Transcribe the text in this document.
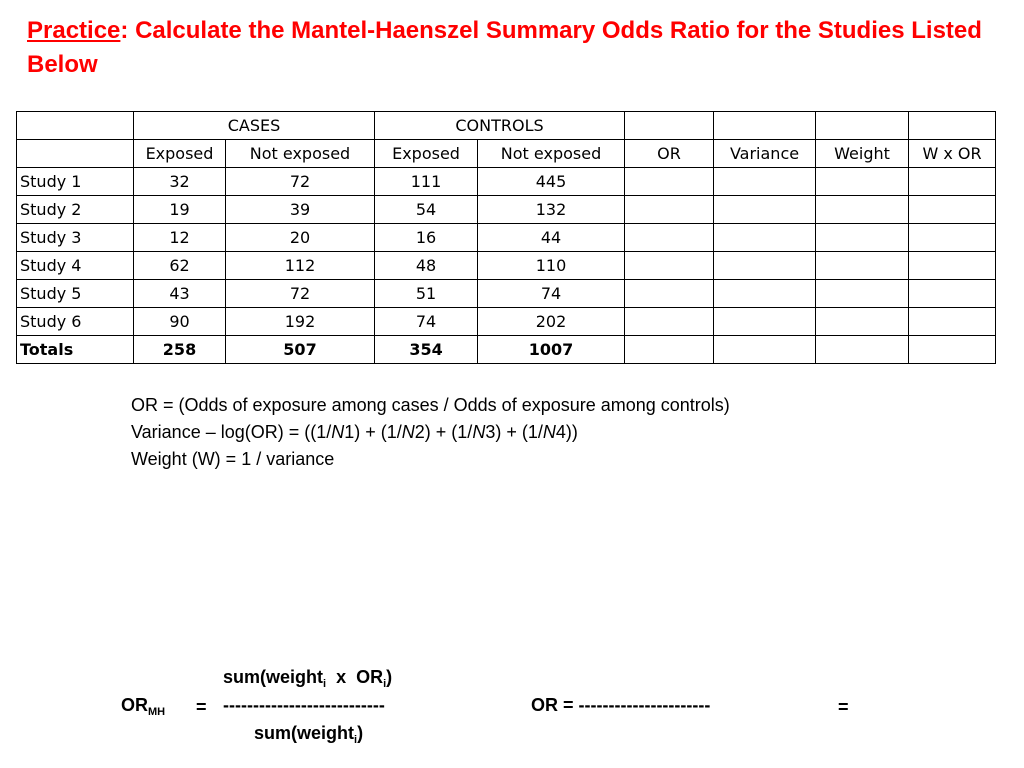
Practice: Calculate the Mantel-Haenszel Summary Odds Ratio for the Studies Listed Below
	CASES		CONTROLS					
	Exposed	Not exposed	Exposed	Not exposed	OR	Variance	Weight	W x OR
Study 1	32	72	111	445				
Study 2	19	39	54	132				
Study 3	12	20	16	44				
Study 4	62	112	48	110				
Study 5	43	72	51	74				
Study 6	90	192	74	202				
Totals	258	507	354	1007				
OR = (Odds of exposure among cases / Odds of exposure among controls)
Variance – log(OR) = ((1/N1) + (1/N2) + (1/N3) + (1/N4))
Weight (W) = 1 / variance
sum(weight$_i$  x  $OR_i$)
$OR_{MH}$ = ---------------------------
sum(weight$_i$)
OR = ----------------------	=
